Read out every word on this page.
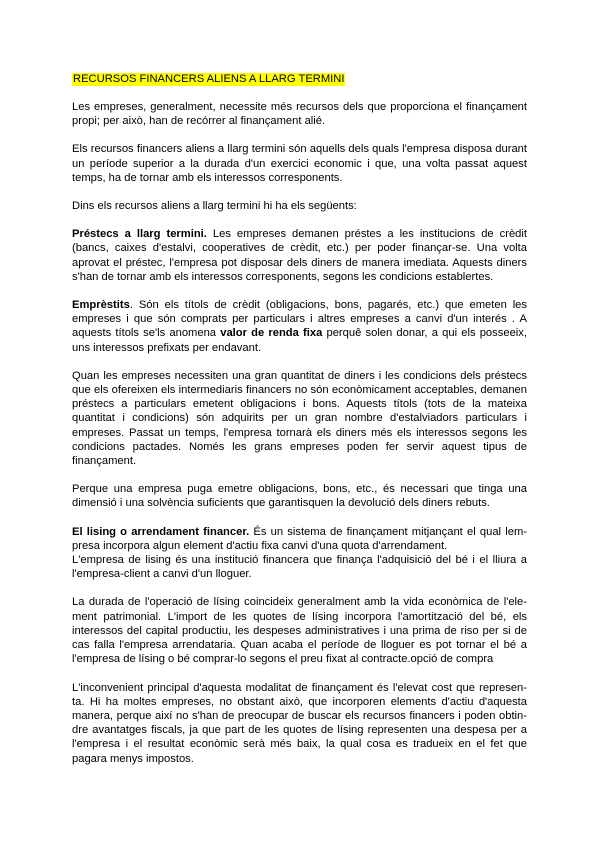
RECURSOS FINANCERS ALIENS A LLARG TERMINI

Les empreses, generalment, necessite més recursos dels que proporciona el finançament propi; per això, han de recórrer al finançament alié.

Els recursos financers aliens a llarg termini són aquells dels quals l'empresa disposa durant un període superior a la durada d'un exercici economic i que, una volta passat aquest temps, ha de tornar amb els interessos corresponents.

Dins els recursos aliens a llarg termini hi ha els següents:

Préstecs a llarg termini. Les empreses demanen préstes a les institucions de crèdit (bancs, caixes d'estalvi, cooperatives de crèdit, etc.) per poder finançar-se. Una volta aprovat el préstec, l'empresa pot disposar dels diners de manera imediata. Aquests diners s'han de tornar amb els interessos corresponents, segons les condicions establertes.

Emprèstits. Són els títols de crèdit (obligacions, bons, pagarés, etc.) que emeten les empreses i que són comprats per particulars i altres empreses a canvi d'un interés . A aquests títols se'ls anomena valor de renda fixa perquê solen donar, a qui els posseeix, uns interessos prefixats per endavant.

Quan les empreses necessiten una gran quantitat de diners i les condicions dels préstecs que els ofereixen els intermediaris financers no són econòmicament acceptables, demanen préstecs a particulars emetent obligacions i bons. Aquests títols (tots de la mateixa quantitat i condicions) són adquirits per un gran nombre d'estalviadors particulars i empreses. Passat un temps, l'empresa tornarà els diners més els interessos segons les condicions pactades. Només les grans empreses poden fer servir aquest tipus de finançament.

Perque una empresa puga emetre obligacions, bons, etc., és necessari que tinga una dimensió i una solvència suficients que garantisquen la devolució dels diners rebuts.

El lising o arrendament financer. És un sistema de finançament mitjançant el qual lem-presa incorpora algun element d'actiu fixa canvi d'una quota d'arrendament.

L'empresa de lising és una institució financera que finança l'adquisició del bé i el lliura a l'empresa-client a canvi d'un lloguer.

La durada de l'operació de lísing coincideix generalment amb la vida econòmica de l'ele-ment patrimonial. L'import de les quotes de lísing incorpora l'amortització del bé, els interessos del capital productiu, les despeses administratives i una prima de riso per si de cas falla l'empresa arrendataria. Quan acaba el període de lloguer es pot tornar el bé a l'empresa de lísing o bé comprar-lo segons el preu fixat al contracte.opció de compra

L'inconvenient principal d'aquesta modalitat de finançament és l'elevat cost que represen-ta. Hi ha moltes empreses, no obstant això, que incorporen elements d'actiu d'aquesta manera, perque així no s'han de preocupar de buscar els recursos financers i poden obtin-dre avantatges fiscals, ja que part de les quotes de lísing representen una despesa per a l'empresa i el resultat econòmic serà més baix, la qual cosa es tradueix en el fet que pagara menys impostos.
